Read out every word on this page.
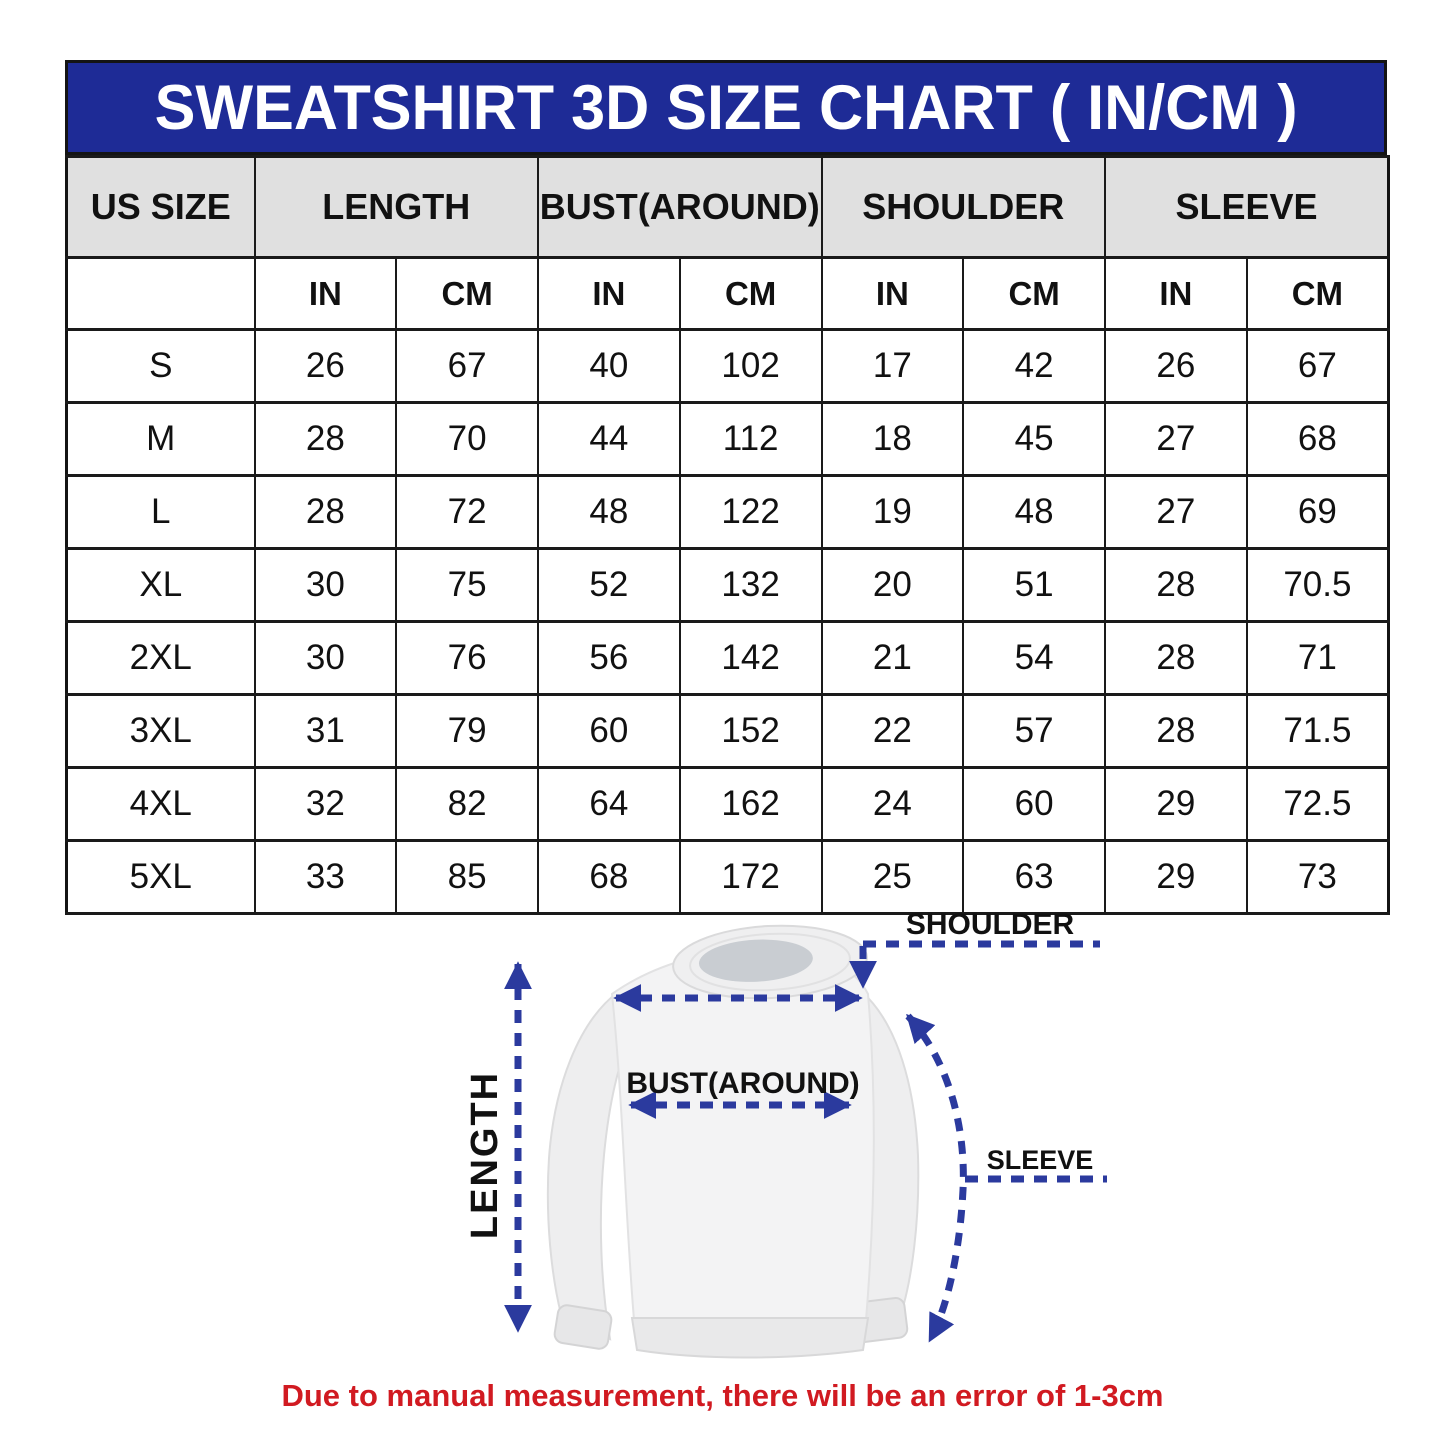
SWEATSHIRT 3D SIZE CHART ( IN/CM )
US SIZE	LENGTH		BUST(AROUND)		SHOULDER		SLEEVE	
	IN	CM	IN	CM	IN	CM	IN	CM
S	26	67	40	102	17	42	26	67
M	28	70	44	112	18	45	27	68
L	28	72	48	122	19	48	27	69
XL	30	75	52	132	20	51	28	70.5
2XL	30	76	56	142	21	54	28	71
3XL	31	79	60	152	22	57	28	71.5
4XL	32	82	64	162	24	60	29	72.5
5XL	33	85	68	172	25	63	29	73
LENGTH
SHOULDER
BUST(AROUND)
SLEEVE
Due to manual measurement, there will be an error of 1-3cm
